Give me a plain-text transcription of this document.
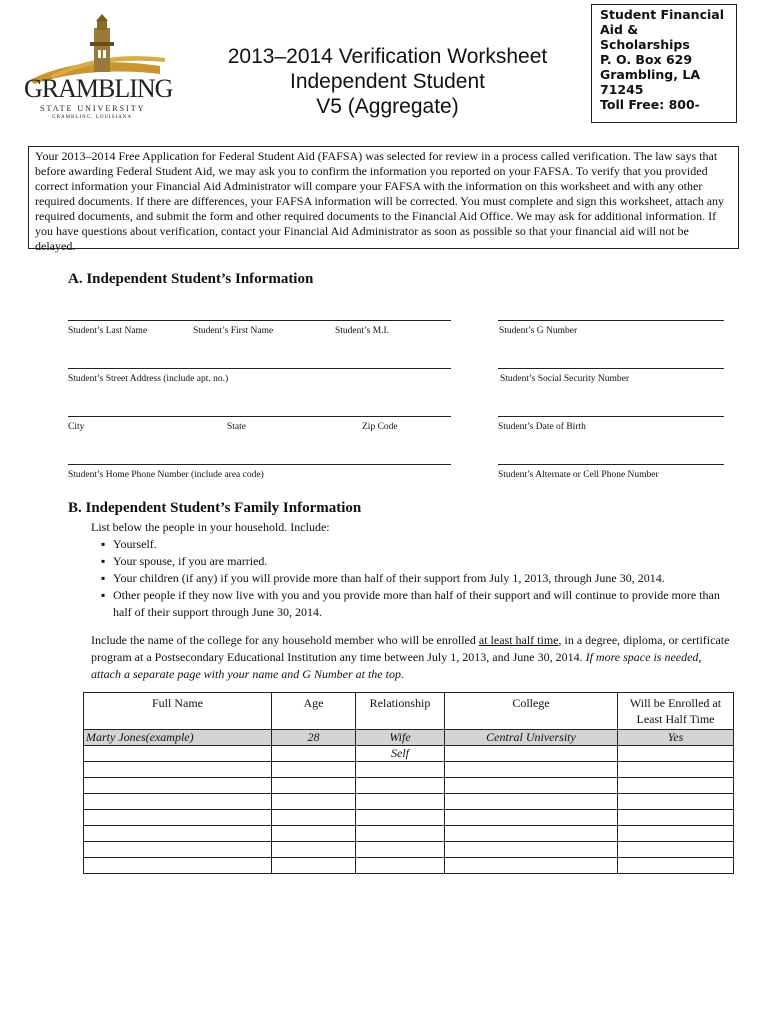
GRAMBLING
STATE UNIVERSITY
GRAMBLING, LOUISIANA
2013–2014 Verification Worksheet
Independent Student
V5 (Aggregate)
Student Financial
Aid &
Scholarships
P. O. Box 629
Grambling, LA
71245
Toll Free: 800-
Your 2013–2014 Free Application for Federal Student Aid (FAFSA) was selected for review in a process called verification. The law says that before awarding Federal Student Aid, we may ask you to confirm the information you reported on your FAFSA. To verify that you provided correct information your Financial Aid Administrator will compare your FAFSA with the information on this worksheet and with any other required documents. If there are differences, your FAFSA information will be corrected. You must complete and sign this worksheet, attach any required documents, and submit the form and other required documents to the Financial Aid Office. We may ask for additional information. If you have questions about verification, contact your Financial Aid Administrator as soon as possible so that your financial aid will not be delayed.
A. Independent Student’s Information
Student’s Last Name	Student’s First Name	Student’s M.I.	Student’s G Number
Student’s Street Address (include apt. no.)	Student’s Social Security Number
City	State	Zip Code	Student’s Date of Birth
Student’s Home Phone Number (include area code)	Student’s Alternate or Cell Phone Number
B. Independent Student’s Family Information
List below the people in your household. Include:
▪ Yourself.
▪ Your spouse, if you are married.
▪ Your children (if any) if you will provide more than half of their support from July 1, 2013, through June 30, 2014.
▪ Other people if they now live with you and you provide more than half of their support and will continue to provide more than half of their support through June 30, 2014.
Include the name of the college for any household member who will be enrolled at least half time, in a degree, diploma, or certificate program at a Postsecondary Educational Institution any time between July 1, 2013, and June 30, 2014. If more space is needed, attach a separate page with your name and G Number at the top.
Full Name	Age	Relationship	College	Will be Enrolled at Least Half Time
Marty Jones(example)	28	Wife	Central University	Yes
		Self		
